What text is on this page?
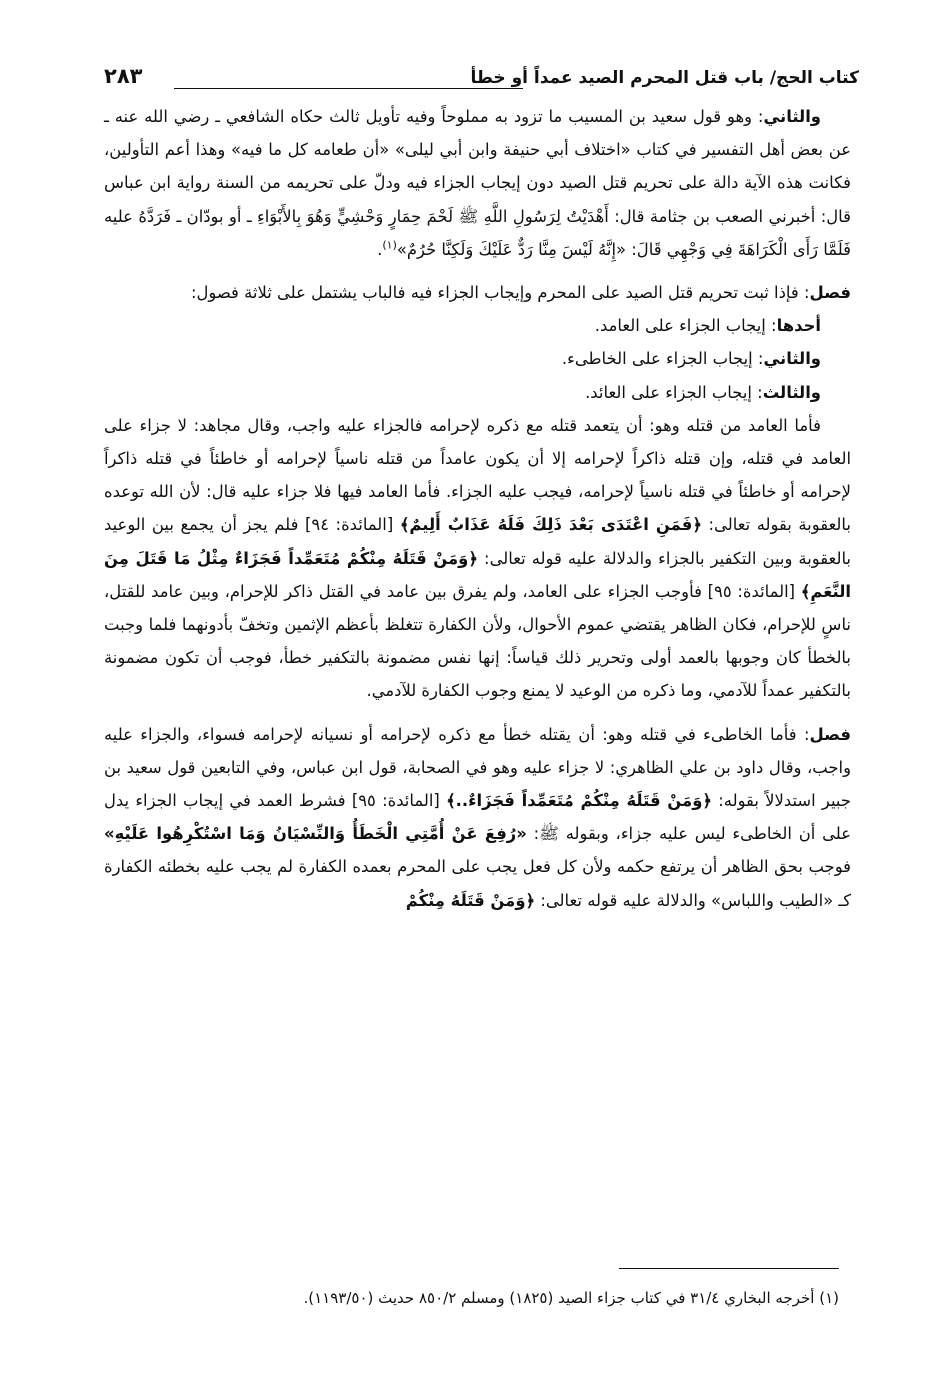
كتاب الحج/ باب قتل المحرم الصيد عمداً أو خطأ
٢٨٣

والثاني: وهو قول سعيد بن المسيب ما تزود به مملوحاً وفيه تأويل ثالث حكاه الشافعي ـ رضي الله عنه ـ عن بعض أهل التفسير في كتاب «اختلاف أبي حنيفة وابن أبي ليلى» «أن طعامه كل ما فيه» وهذا أعم التأولين، فكانت هذه الآية دالة على تحريم قتل الصيد دون إيجاب الجزاء فيه ودلّ على تحريمه من السنة رواية ابن عباس قال: أخبرني الصعب بن جثامة قال: أَهْدَيْتُ لِرَسُولِ اللَّهِ ﷺ لَحْمَ حِمَارٍ وَحْشِيٍّ وَهُوَ بِالأَبْوَاءِ ـ أو بودّان ـ فَرَدَّهُ عليه فَلَمَّا رَأَى الْكَرَاهَةَ فِي وَجْهِي قَالَ: «إِنَّهُ لَيْسَ مِنَّا رَدٌّ عَلَيْكَ وَلَكِنَّا حُرُمٌ»$^{(١)}$.

فصل: فإذا ثبت تحريم قتل الصيد على المحرم وإيجاب الجزاء فيه فالباب يشتمل على ثلاثة فصول:

أحدها: إيجاب الجزاء على العامد.

والثاني: إيجاب الجزاء على الخاطىء.

والثالث: إيجاب الجزاء على العائد.

فأما العامد من قتله وهو: أن يتعمد قتله مع ذكره لإحرامه فالجزاء عليه واجب، وقال مجاهد: لا جزاء على العامد في قتله، وإن قتله ذاكراً لإحرامه إلا أن يكون عامداً من قتله ناسياً لإحرامه أو خاطئاً في قتله ذاكراً لإحرامه أو خاطئاً في قتله ناسياً لإحرامه، فيجب عليه الجزاء. فأما العامد فيها فلا جزاء عليه قال: لأن الله توعده بالعقوبة بقوله تعالى: ﴿فَمَنِ اعْتَدَى بَعْدَ ذَلِكَ فَلَهُ عَذَابٌ أَلِيمٌ﴾ [المائدة: ٩٤] فلم يجز أن يجمع بين الوعيد بالعقوبة وبين التكفير بالجزاء والدلالة عليه قوله تعالى: ﴿وَمَنْ قَتَلَهُ مِنْكُمْ مُتَعَمِّداً فَجَزَاءٌ مِثْلُ مَا قَتَلَ مِنَ النَّعَمِ﴾ [المائدة: ٩٥] فأوجب الجزاء على العامد، ولم يفرق بين عامد في القتل ذاكر للإحرام، وبين عامد للقتل، ناسٍ للإحرام، فكان الظاهر يقتضي عموم الأحوال، ولأن الكفارة تتغلظ بأعظم الإثمين وتخفّ بأدونهما فلما وجبت بالخطأ كان وجوبها بالعمد أولى وتحرير ذلك قياساً: إنها نفس مضمونة بالتكفير خطأ، فوجب أن تكون مضمونة بالتكفير عمداً للآدمي، وما ذكره من الوعيد لا يمنع وجوب الكفارة للآدمي.

فصل: فأما الخاطىء في قتله وهو: أن يقتله خطأ مع ذكره لإحرامه أو نسيانه لإحرامه فسواء، والجزاء عليه واجب، وقال داود بن علي الظاهري: لا جزاء عليه وهو في الصحابة، قول ابن عباس، وفي التابعين قول سعيد بن جبير استدلالاً بقوله: ﴿وَمَنْ قَتَلَهُ مِنْكُمْ مُتَعَمِّداً فَجَزَاءٌ..﴾ [المائدة: ٩٥] فشرط العمد في إيجاب الجزاء يدل على أن الخاطىء ليس عليه جزاء، وبقوله ﷺ: «رُفِعَ عَنْ أُمَّتِي الْخَطَأُ وَالنِّسْيَانُ وَمَا اسْتُكْرِهُوا عَلَيْهِ» فوجب بحق الظاهر أن يرتفع حكمه ولأن كل فعل يجب على المحرم بعمده الكفارة لم يجب عليه بخطئه الكفارة كـ «الطيب واللباس» والدلالة عليه قوله تعالى: ﴿وَمَنْ قَتَلَهُ مِنْكُمْ

(١) أخرجه البخاري ٣١/٤ في كتاب جزاء الصيد (١٨٢٥) ومسلم ٨٥٠/٢ حديث (١١٩٣/٥٠).
